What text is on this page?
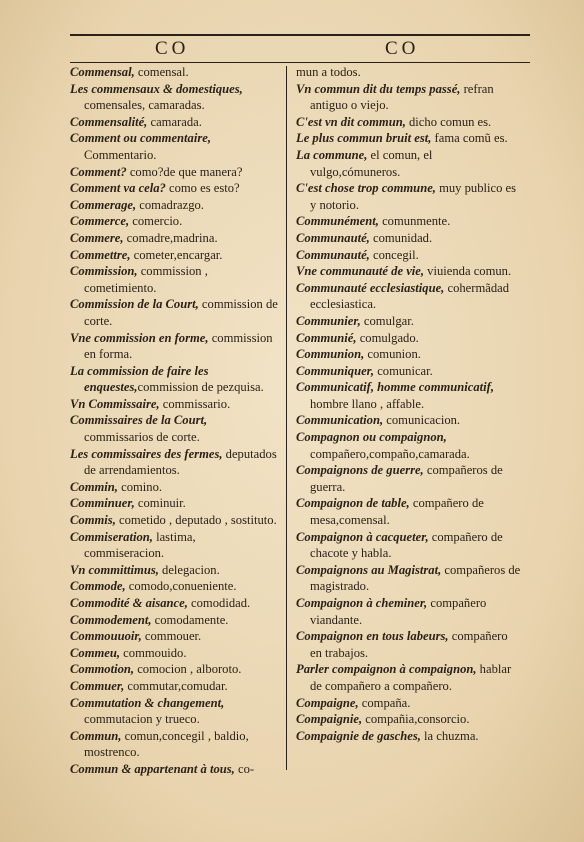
CO	CO

Commensal, comensal.

Les commensaux & domestiques, comensales, camaradas.

Commensalité, camarada.

Comment ou commentaire, Commentario.

Comment? como?de que manera?

Comment va cela? como es esto?

Commerage, comadrazgo.

Commerce, comercio.

Commere, comadre,madrina.

Commettre, cometer,encargar.

Commission, commission , cometimiento.

Commission de la Court, commission de corte.

Vne commission en forme, commission en forma.

La commission de faire les enquestes,commission de pezquisa.

Vn Commissaire, commissario.

Commissaires de la Court, commissarios de corte.

Les commissaires des fermes, deputados de arrendamientos.

Commin, comino.

Comminuer, cominuir.

Commis, cometido , deputado , sostituto.

Commiseration, lastima, commiseracion.

Vn committimus, delegacion.

Commode, comodo,conueniente.

Commodité & aisance, comodidad.

Commodement, comodamente.

Commouuoir, commouer.

Commeu, commouido.

Commotion, comocion , alboroto.

Commuer, commutar,comudar.

Commutation & changement, commutacion y trueco.

Commun, comun,concegil , baldio, mostrenco.

Commun & appartenant à tous, co-

mun a todos.

Vn commun dit du temps passé, refran antiguo o viejo.

C'est vn dit commun, dicho comun es.

Le plus commun bruit est, fama comũ es.

La commune, el comun, el vulgo,cómuneros.

C'est chose trop commune, muy publico es y notorio.

Communément, comunmente.

Communauté, comunidad.

Communauté, concegil.

Vne communauté de vie, viuienda comun.

Communauté ecclesiastique, cohermãdad ecclesiastica.

Communier, comulgar.

Communié, comulgado.

Communion, comunion.

Communiquer, comunicar.

Communicatif, homme communicatif, hombre llano , affable.

Communication, comunicacion.

Compagnon ou compaignon, compañero,compaño,camarada.

Compaignons de guerre, compañeros de guerra.

Compaignon de table, compañero de mesa,comensal.

Compaignon à cacqueter, compañero de chacote y habla.

Compaignons au Magistrat, compañeros de magistrado.

Compaignon à cheminer, compañero viandante.

Compaignon en tous labeurs, compañero en trabajos.

Parler compaignon à compaignon, hablar de compañero a compañero.

Compaigne, compaña.

Compaignie, compañia,consorcio.

Compaignie de gasches, la chuzma.
